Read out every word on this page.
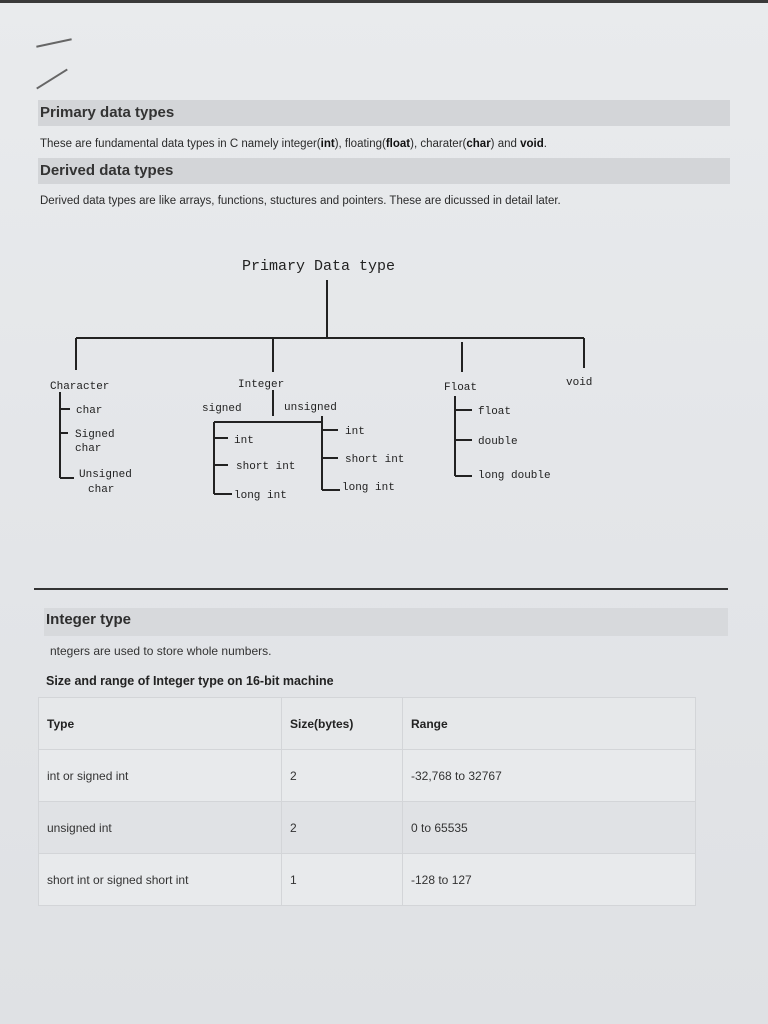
Primary data types
These are fundamental data types in C namely integer(int), floating(float), charater(char) and void.
Derived data types
Derived data types are like arrays, functions, stuctures and pointers. These are dicussed in detail later.
Primary Data type
Character
char
Signed
char
Unsigned
char
Integer
signed	unsigned
int
short int
long int
int
short int
long int
Float
float
double
long double
void
Integer type
ntegers are used to store whole numbers.
Size and range of Integer type on 16-bit machine
Type	Size(bytes)	Range
int or signed int	2	-32,768 to 32767
unsigned int	2	0 to 65535
short int or signed short int	1	-128 to 127
